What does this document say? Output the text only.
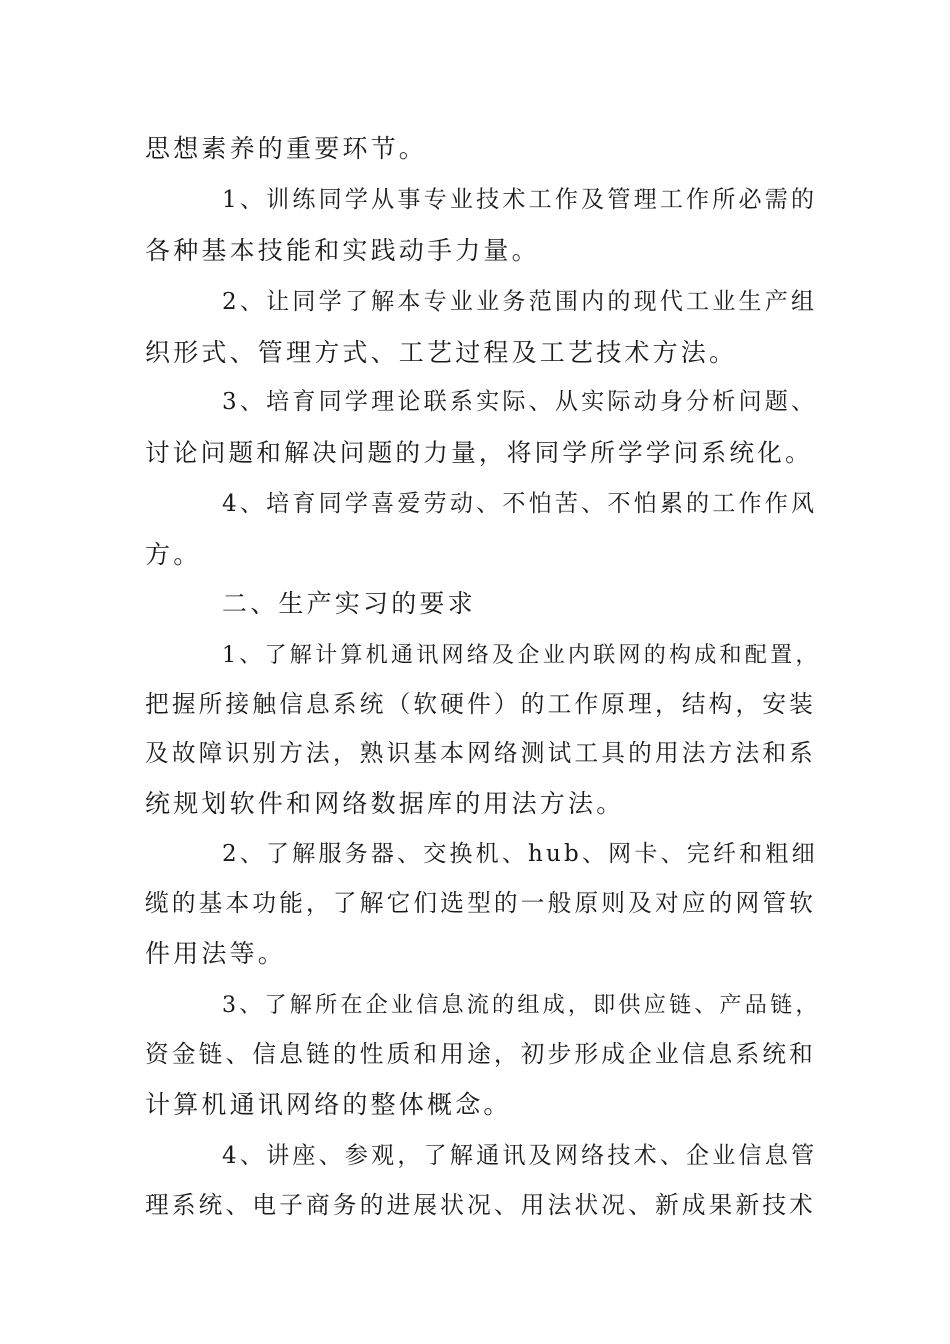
思想素养的重要环节。
1、训练同学从事专业技术工作及管理工作所必需的
各种基本技能和实践动手力量。
2、让同学了解本专业业务范围内的现代工业生产组
织形式、管理方式、工艺过程及工艺技术方法。
3、培育同学理论联系实际、从实际动身分析问题、
讨论问题和解决问题的力量，将同学所学学问系统化。
4、培育同学喜爱劳动、不怕苦、不怕累的工作作风
方。
二、生产实习的要求
1、了解计算机通讯网络及企业内联网的构成和配置，
把握所接触信息系统（软硬件）的工作原理，结构，安装
及故障识别方法，熟识基本网络测试工具的用法方法和系
统规划软件和网络数据库的用法方法。
2、了解服务器、交换机、hub、网卡、完纤和粗细
缆的基本功能，了解它们选型的一般原则及对应的网管软
件用法等。
3、了解所在企业信息流的组成，即供应链、产品链，
资金链、信息链的性质和用途，初步形成企业信息系统和
计算机通讯网络的整体概念。
4、讲座、参观，了解通讯及网络技术、企业信息管
理系统、电子商务的进展状况、用法状况、新成果新技术
